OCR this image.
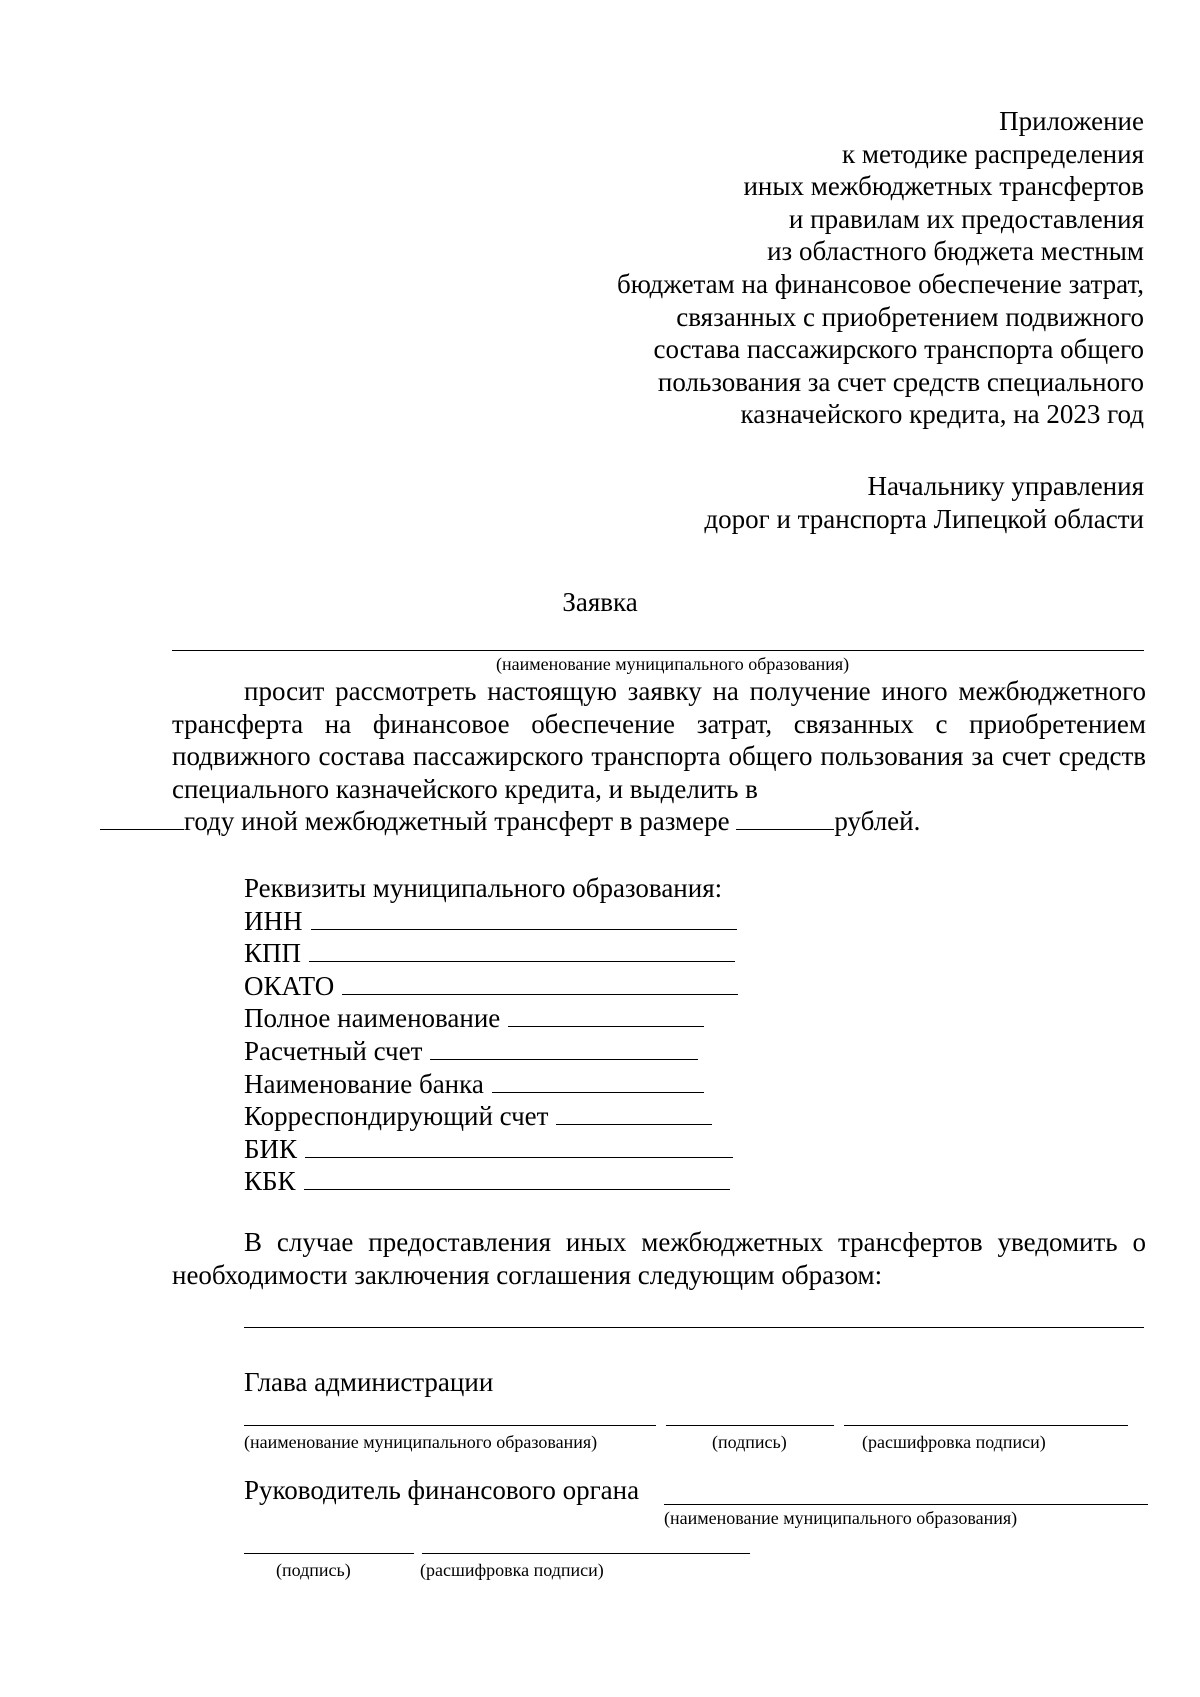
Приложение
к методике распределения
иных межбюджетных трансфертов
и правилам их предоставления
из областного бюджета местным
бюджетам на финансовое обеспечение затрат,
связанных с приобретением подвижного
состава пассажирского транспорта общего
пользования за счет средств специального
казначейского кредита, на 2023 год
Начальнику управления
дорог и транспорта Липецкой области
Заявка
(наименование муниципального образования)

просит рассмотреть настоящую заявку на получение иного межбюджетного трансферта на финансовое обеспечение затрат, связанных с приобретением подвижного состава пассажирского транспорта общего пользования за счет средств специального казначейского кредита, и выделить в
году иной межбюджетный трансферт в размере	рублей.

Реквизиты муниципального образования:
ИНН
КПП
ОКАТО
Полное наименование
Расчетный счет
Наименование банка
Корреспондирующий счет
БИК
КБК

В случае предоставления иных межбюджетных трансфертов уведомить о необходимости заключения соглашения следующим образом:

Глава администрации
(наименование муниципального образования)	(подпись)	(расшифровка подписи)
Руководитель финансового органа
(наименование муниципального образования)
(подпись)	(расшифровка подписи)
